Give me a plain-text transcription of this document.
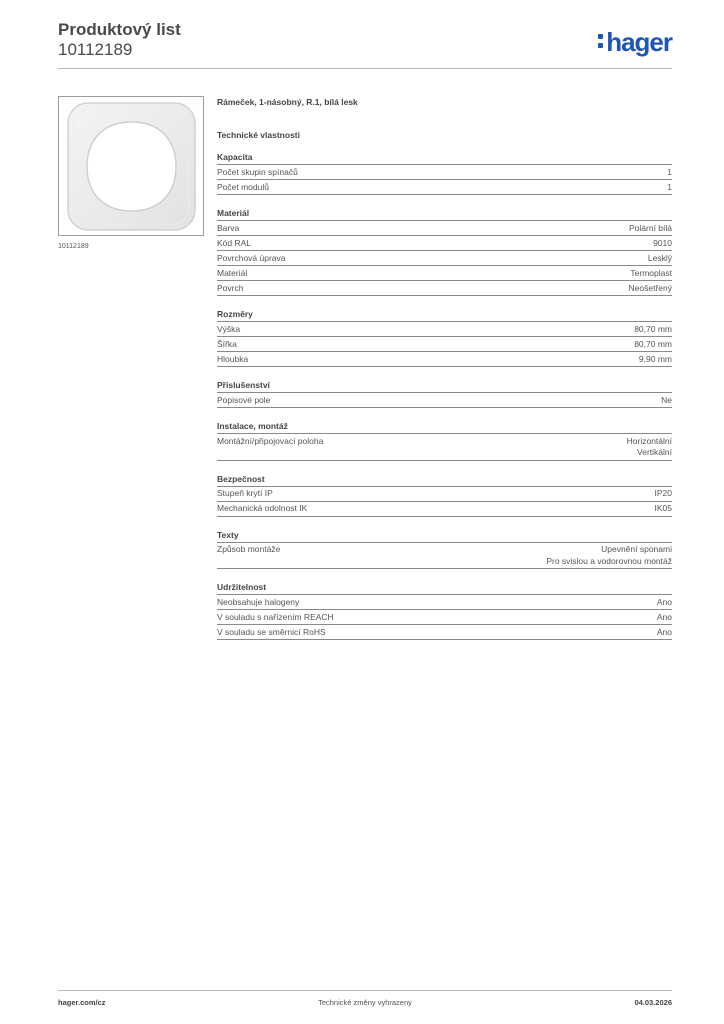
Produktový list
10112189	hager
10112189
Rámeček, 1-násobný, R.1, bílá lesk
Technické vlastnosti
Kapacita
Počet skupin spínačů	1
Počet modulů	1
Materiál
Barva	Polární bílá
Kód RAL	9010
Povrchová úprava	Lesklý
Materiál	Termoplast
Povrch	Neošetřený
Rozměry
Výška	80,70 mm
Šířka	80,70 mm
Hloubka	9,90 mm
Příslušenství
Popisové pole	Ne
Instalace, montáž
Montážní/připojovací poloha	Horizontální
Vertikální
Bezpečnost
Stupeň krytí IP	IP20
Mechanická odolnost IK	IK05
Texty
Způsob montáže	Upevnění sponami
Pro svislou a vodorovnou montáž
Udržitelnost
Neobsahuje halogeny	Ano
V souladu s nařízením REACH	Ano
V souladu se směrnicí RoHS	Ano
hager.com/cz	Technické změny vyhrazeny	04.03.2026
